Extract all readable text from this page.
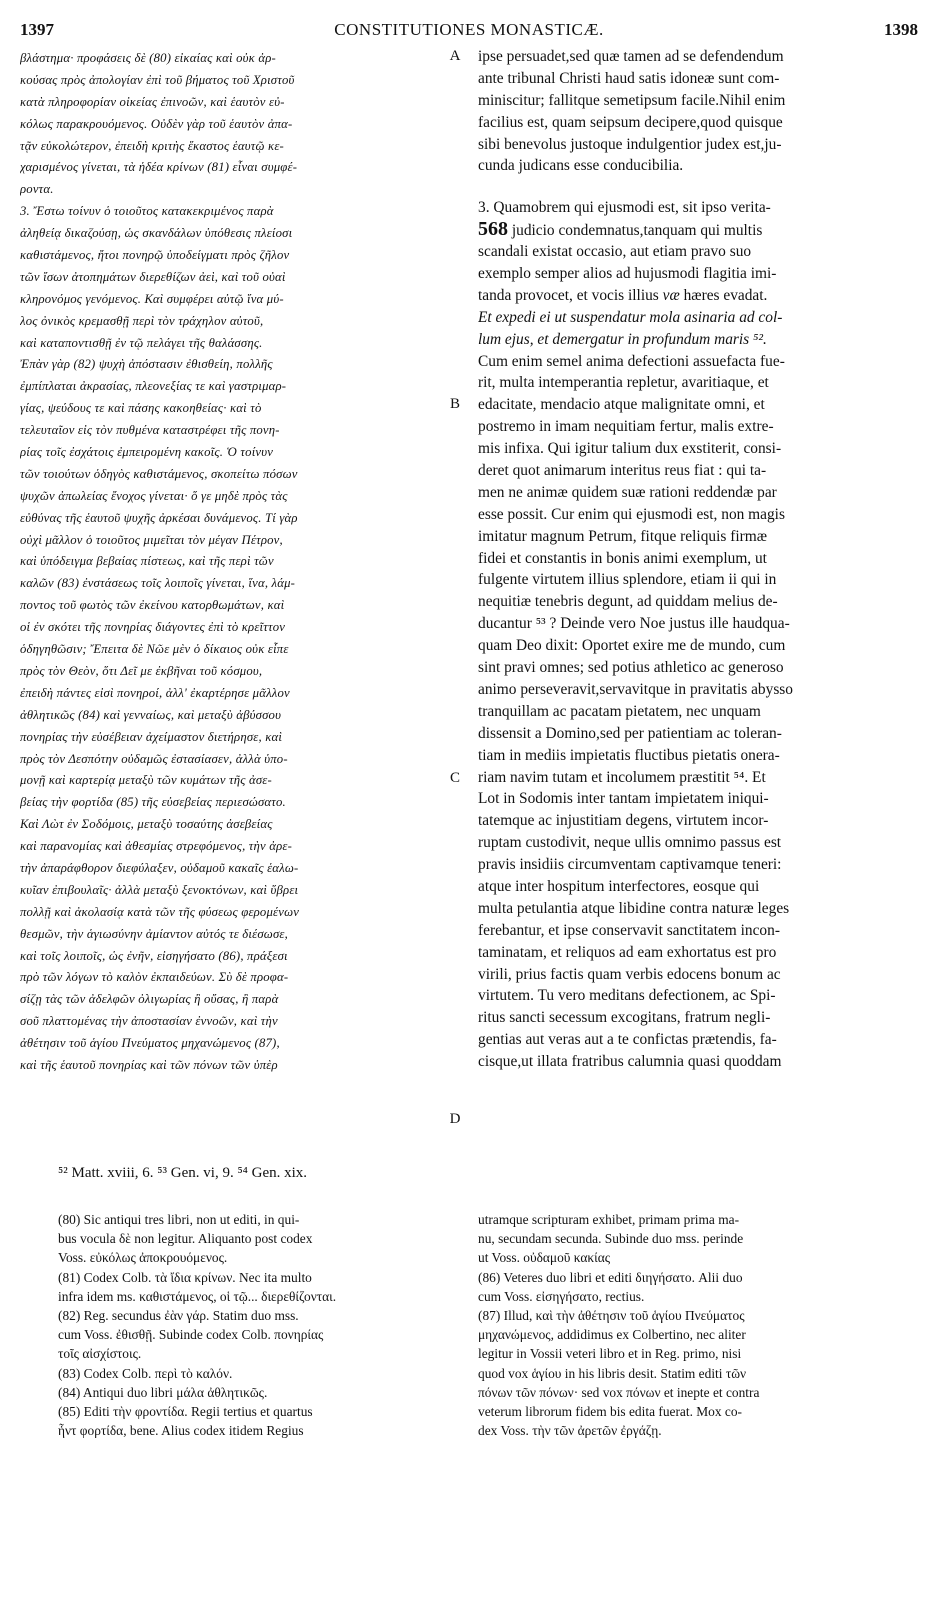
1397	CONSTITUTIONES MONASTICÆ.	1398
βλάστημα· προφάσεις δὲ (80) εἰκαίας καὶ οὐκ ἀρ-
κούσας πρὸς ἀπολογίαν ἐπὶ τοῦ βήματος τοῦ Χριστοῦ
κατὰ πληροφορίαν οἰκείας ἐπινοῶν, καὶ ἑαυτὸν εὐ-
κόλως παρακρουόμενος. Οὐδὲν γὰρ τοῦ ἑαυτὸν ἀπα-
τᾷν εὐκολώτερον, ἐπειδὴ κριτὴς ἕκαστος ἑαυτῷ κε-
χαρισμένος γίνεται, τὰ ἡδέα κρίνων (81) εἶναι συμφέ-
ροντα.
3. Ἔστω τοίνυν ὁ τοιοῦτος κατακεκριμένος παρὰ
ἀληθείᾳ δικαζούσῃ, ὡς σκανδάλων ὑπόθεσις πλείοσι
καθιστάμενος, ἤτοι πονηρῷ ὑποδείγματι πρὸς ζῆλον
τῶν ἴσων ἀτοπημάτων διερεθίζων ἀεὶ, καὶ τοῦ οὐαὶ
κληρονόμος γενόμενος. Καὶ συμφέρει αὐτῷ ἵνα μύ-
λος ὀνικὸς κρεμασθῇ περὶ τὸν τράχηλον αὐτοῦ,
καὶ καταποντισθῇ ἐν τῷ πελάγει τῆς θαλάσσης.
Ἐπὰν γὰρ (82) ψυχὴ ἀπόστασιν ἐθισθείη, πολλῆς
ἐμπίπλαται ἀκρασίας, πλεονεξίας τε καὶ γαστριμαρ-
γίας, ψεύδους τε καὶ πάσης κακοηθείας· καὶ τὸ
τελευταῖον εἰς τὸν πυθμένα καταστρέφει τῆς πονη-
ρίας τοῖς ἐσχάτοις ἐμπειρομένη κακοῖς. Ὁ τοίνυν
τῶν τοιούτων ὁδηγὸς καθιστάμενος, σκοπείτω πόσων
ψυχῶν ἀπωλείας ἔνοχος γίνεται· ὅ γε μηδὲ πρὸς τὰς
εὐθύνας τῆς ἑαυτοῦ ψυχῆς ἀρκέσαι δυνάμενος. Τί γὰρ
οὐχὶ μᾶλλον ὁ τοιοῦτος μιμεῖται τὸν μέγαν Πέτρον,
καὶ ὑπόδειγμα βεβαίας πίστεως, καὶ τῆς περὶ τῶν
καλῶν (83) ἐνστάσεως τοῖς λοιποῖς γίνεται, ἵνα, λάμ-
ποντος τοῦ φωτὸς τῶν ἐκείνου κατορθωμάτων, καὶ
οἱ ἐν σκότει τῆς πονηρίας διάγοντες ἐπὶ τὸ κρεῖττον
ὁδηγηθῶσιν; Ἔπειτα δὲ Νῶε μὲν ὁ δίκαιος οὐκ εἶπε
πρὸς τὸν Θεὸν, ὅτι Δεῖ με ἐκβῆναι τοῦ κόσμου,
ἐπειδὴ πάντες εἰσὶ πονηροί, ἀλλ' ἐκαρτέρησε μᾶλλον
ἀθλητικῶς (84) καὶ γενναίως, καὶ μεταξὺ ἀβύσσου
πονηρίας τὴν εὐσέβειαν ἀχείμαστον διετήρησε, καὶ
πρὸς τὸν Δεσπότην οὐδαμῶς ἐστασίασεν, ἀλλὰ ὑπο-
μονῇ καὶ καρτερίᾳ μεταξὺ τῶν κυμάτων τῆς ἀσε-
βείας τὴν φορτίδα (85) τῆς εὐσεβείας περιεσώσατο.
Καὶ Λὼτ ἐν Σοδόμοις, μεταξὺ τοσαύτης ἀσεβείας
καὶ παρανομίας καὶ ἀθεσμίας στρεφόμενος, τὴν ἀρε-
τὴν ἀπαράφθορον διεφύλαξεν, οὐδαμοῦ κακαῖς ἑαλω-
κυῖαν ἐπιβουλαῖς· ἀλλὰ μεταξὺ ξενοκτόνων, καὶ ὕβρει
πολλῇ καὶ ἀκολασίᾳ κατὰ τῶν τῆς φύσεως φερομένων
θεσμῶν, τὴν ἁγιωσύνην ἀμίαντον αὐτός τε διέσωσε,
καὶ τοῖς λοιποῖς, ὡς ἐνῆν, εἰσηγήσατο (86), πράξεσι
πρὸ τῶν λόγων τὸ καλὸν ἐκπαιδεύων. Σὺ δὲ προφα-
σίζῃ τὰς τῶν ἀδελφῶν ὀλιγωρίας ἢ οὔσας, ἢ παρὰ
σοῦ πλαττομένας τὴν ἀποστασίαν ἐννοῶν, καὶ τὴν
ἀθέτησιν τοῦ ἁγίου Πνεύματος μηχανώμενος (87),
καὶ τῆς ἑαυτοῦ πονηρίας καὶ τῶν πόνων τῶν ὑπὲρ
ipse persuadet,sed quæ tamen ad se defendendum
ante tribunal Christi haud satis idoneæ sunt com-
miniscitur; fallitque semetipsum facile.Nihil enim
facilius est, quam seipsum decipere,quod quisque
sibi benevolus justoque indulgentior judex est,ju-
cunda judicans esse conducibilia.
3. Quamobrem qui ejusmodi est, sit ipso verita-
568 judicio condemnatus,tanquam qui multis
scandali existat occasio, aut etiam pravo suo
exemplo semper alios ad hujusmodi flagitia imi-
tanda provocet, et vocis illius væ hæres evadat.
Et expedi ei ut suspendatur mola asinaria ad col-
lum ejus, et demergatur in profundum maris ⁵².
Cum enim semel anima defectioni assuefacta fue-
rit, multa intemperantia repletur, avaritiaque, et
edacitate, mendacio atque malignitate omni, et
postremo in imam nequitiam fertur, malis extre-
mis infixa. Qui igitur talium dux exstiterit, consi-
deret quot animarum interitus reus fiat : qui ta-
men ne animæ quidem suæ rationi reddendæ par
esse possit. Cur enim qui ejusmodi est, non magis
imitatur magnum Petrum, fitque reliquis firmæ
fidei et constantis in bonis animi exemplum, ut
fulgente virtutem illius splendore, etiam ii qui in
nequitiæ tenebris degunt, ad quiddam melius de-
ducantur ⁵³ ? Deinde vero Noe justus ille haudqua-
quam Deo dixit: Oportet exire me de mundo, cum
sint pravi omnes; sed potius athletico ac generoso
animo perseveravit,servavitque in pravitatis abysso
tranquillam ac pacatam pietatem, nec unquam
dissensit a Domino,sed per patientiam ac toleran-
tiam in mediis impietatis fluctibus pietatis onera-
riam navim tutam et incolumem præstitit ⁵⁴. Et
Lot in Sodomis inter tantam impietatem iniqui-
tatemque ac injustitiam degens, virtutem incor-
ruptam custodivit, neque ullis omnimo passus est
pravis insidiis circumventam captivamque teneri:
atque inter hospitum interfectores, eosque qui
multa petulantia atque libidine contra naturæ leges
ferebantur, et ipse conservavit sanctitatem incon-
taminatam, et reliquos ad eam exhortatus est pro
virili, prius factis quam verbis edocens bonum ac
virtutem. Tu vero meditans defectionem, ac Spi-
ritus sancti secessum excogitans, fratrum negli-
gentias aut veras aut a te confictas prætendis, fa-
cisque,ut illata fratribus calumnia quasi quoddam
A
B
C
D
⁵² Matt. xviii, 6. ⁵³ Gen. vi, 9. ⁵⁴ Gen. xix.
(80) Sic antiqui tres libri, non ut editi, in qui-
bus vocula δὲ non legitur. Aliquanto post codex
Voss. εὐκόλως ἀποκρουόμενος.
(81) Codex Colb. τὰ ἴδια κρίνων. Nec ita multo
infra idem ms. καθιστάμενος, οἱ τῷ... διερεθίζονται.
(82) Reg. secundus ἐὰν γάρ. Statim duo mss.
cum Voss. ἐθισθῇ. Subinde codex Colb. πονηρίας
τοῖς αἰσχίστοις.
(83) Codex Colb. περὶ τὸ καλόν.
(84) Antiqui duo libri μάλα ἀθλητικῶς.
(85) Editi τὴν φροντίδα. Regii tertius et quartus
ἦντ φορτίδα, bene. Alius codex itidem Regius
utramque scripturam exhibet, primam prima ma-
nu, secundam secunda. Subinde duo mss. perinde
ut Voss. οὐδαμοῦ κακίας
(86) Veteres duo libri et editi διηγήσατο. Alii duo
cum Voss. εἰσηγήσατο, rectius.
(87) Illud, καὶ τὴν ἀθέτησιν τοῦ ἁγίου Πνεύματος
μηχανώμενος, addidimus ex Colbertino, nec aliter
legitur in Vossii veteri libro et in Reg. primo, nisi
quod vox ἁγίου in his libris desit. Statim editi τῶν
πόνων τῶν πόνων· sed vox πόνων et inepte et contra
veterum librorum fidem bis edita fuerat. Mox co-
dex Voss. τὴν τῶν ἀρετῶν ἐργάζῃ.
